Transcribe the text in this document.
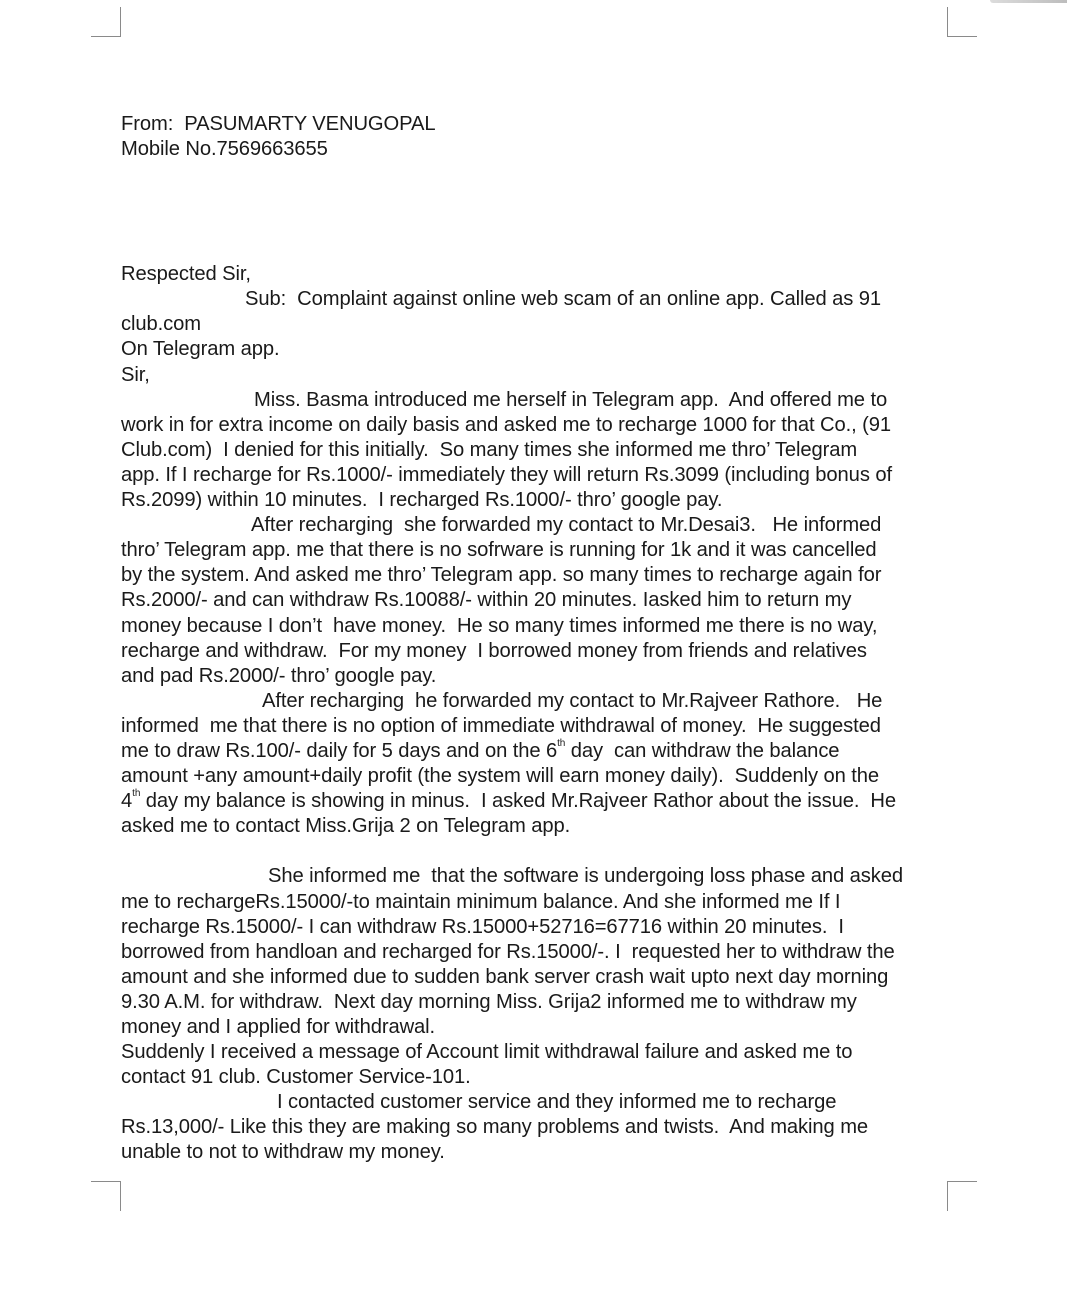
From:  PASUMARTY VENUGOPAL
Mobile No.7569663655
Respected Sir,
Sub:  Complaint against online web scam of an online app. Called as 91
club.com
On Telegram app.
Sir,
Miss. Basma introduced me herself in Telegram app.  And offered me to
work in for extra income on daily basis and asked me to recharge 1000 for that Co., (91
Club.com)  I denied for this initially.  So many times she informed me thro’ Telegram
app. If I recharge for Rs.1000/- immediately they will return Rs.3099 (including bonus of
Rs.2099) within 10 minutes.  I recharged Rs.1000/- thro’ google pay.
After recharging  she forwarded my contact to Mr.Desai3.   He informed
thro’ Telegram app. me that there is no sofrware is running for 1k and it was cancelled
by the system. And asked me thro’ Telegram app. so many times to recharge again for
Rs.2000/- and can withdraw Rs.10088/- within 20 minutes. Iasked him to return my
money because I don’t  have money.  He so many times informed me there is no way,
recharge and withdraw.  For my money  I borrowed money from friends and relatives
and pad Rs.2000/- thro’ google pay.
After recharging  he forwarded my contact to Mr.Rajveer Rathore.   He
informed  me that there is no option of immediate withdrawal of money.  He suggested
me to draw Rs.100/- daily for 5 days and on the 6th day  can withdraw the balance
amount +any amount+daily profit (the system will earn money daily).  Suddenly on the
4th day my balance is showing in minus.  I asked Mr.Rajveer Rathor about the issue.  He
asked me to contact Miss.Grija 2 on Telegram app.
She informed me  that the software is undergoing loss phase and asked
me to rechargeRs.15000/-to maintain minimum balance. And she informed me If I
recharge Rs.15000/- I can withdraw Rs.15000+52716=67716 within 20 minutes.  I
borrowed from handloan and recharged for Rs.15000/-. I  requested her to withdraw the
amount and she informed due to sudden bank server crash wait upto next day morning
9.30 A.M. for withdraw.  Next day morning Miss. Grija2 informed me to withdraw my
money and I applied for withdrawal.
Suddenly I received a message of Account limit withdrawal failure and asked me to
contact 91 club. Customer Service-101.
I contacted customer service and they informed me to recharge
Rs.13,000/- Like this they are making so many problems and twists.  And making me
unable to not to withdraw my money.
